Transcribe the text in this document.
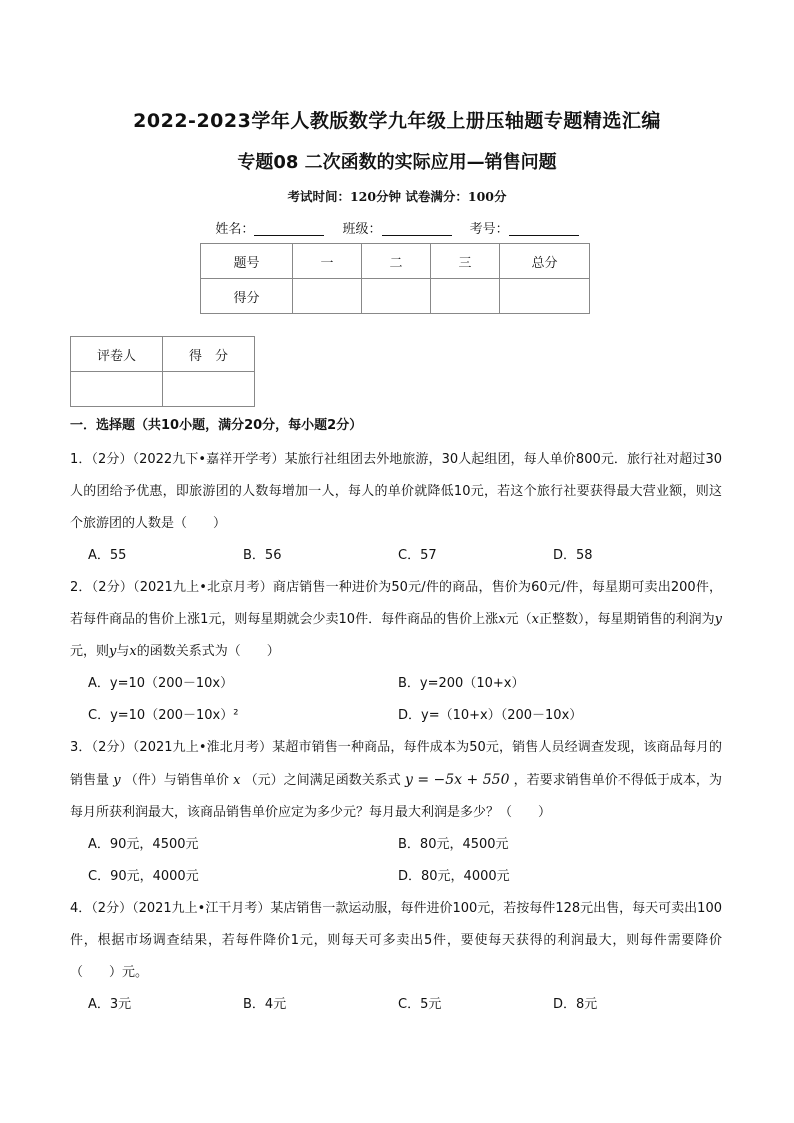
2022-2023学年人教版数学九年级上册压轴题专题精选汇编
专题08 二次函数的实际应用—销售问题
考试时间：120分钟 试卷满分：100分
姓名：	班级：	考号：
题号	一	二	三	总分
得分				
评卷人	得　分

一．选择题（共10小题，满分20分，每小题2分）

1．（2分）（2022九下•嘉祥开学考）某旅行社组团去外地旅游，30人起组团，每人单价800元．旅行社对超过30人的团给予优惠，即旅游团的人数每增加一人，每人的单价就降低10元，若这个旅行社要获得最大营业额，则这个旅游团的人数是（　　）

A．55	B．56	C．57	D．58

2．（2分）（2021九上•北京月考）商店销售一种进价为50元/件的商品，售价为60元/件，每星期可卖出200件，若每件商品的售价上涨1元，则每星期就会少卖10件．每件商品的售价上涨x元（x正整数），每星期销售的利润为y元，则y与x的函数关系式为（　　）

A．y=10（200－10x）	B．y=200（10+x）
C．y=10（200－10x）²	D．y=（10+x）（200－10x）

3．（2分）（2021九上•淮北月考）某超市销售一种商品，每件成本为50元，销售人员经调查发现，该商品每月的销售量 y （件）与销售单价 x （元）之间满足函数关系式 y = −5x + 550 ，若要求销售单价不得低于成本，为每月所获利润最大，该商品销售单价应定为多少元？每月最大利润是多少？（　　）

A．90元，4500元	B．80元，4500元
C．90元，4000元	D．80元，4000元

4．（2分）（2021九上•江干月考）某店销售一款运动服，每件进价100元，若按每件128元出售，每天可卖出100件，根据市场调查结果，若每件降价1元，则每天可多卖出5件，要使每天获得的利润最大，则每件需要降价（　　）元。

A．3元	B．4元	C．5元	D．8元
